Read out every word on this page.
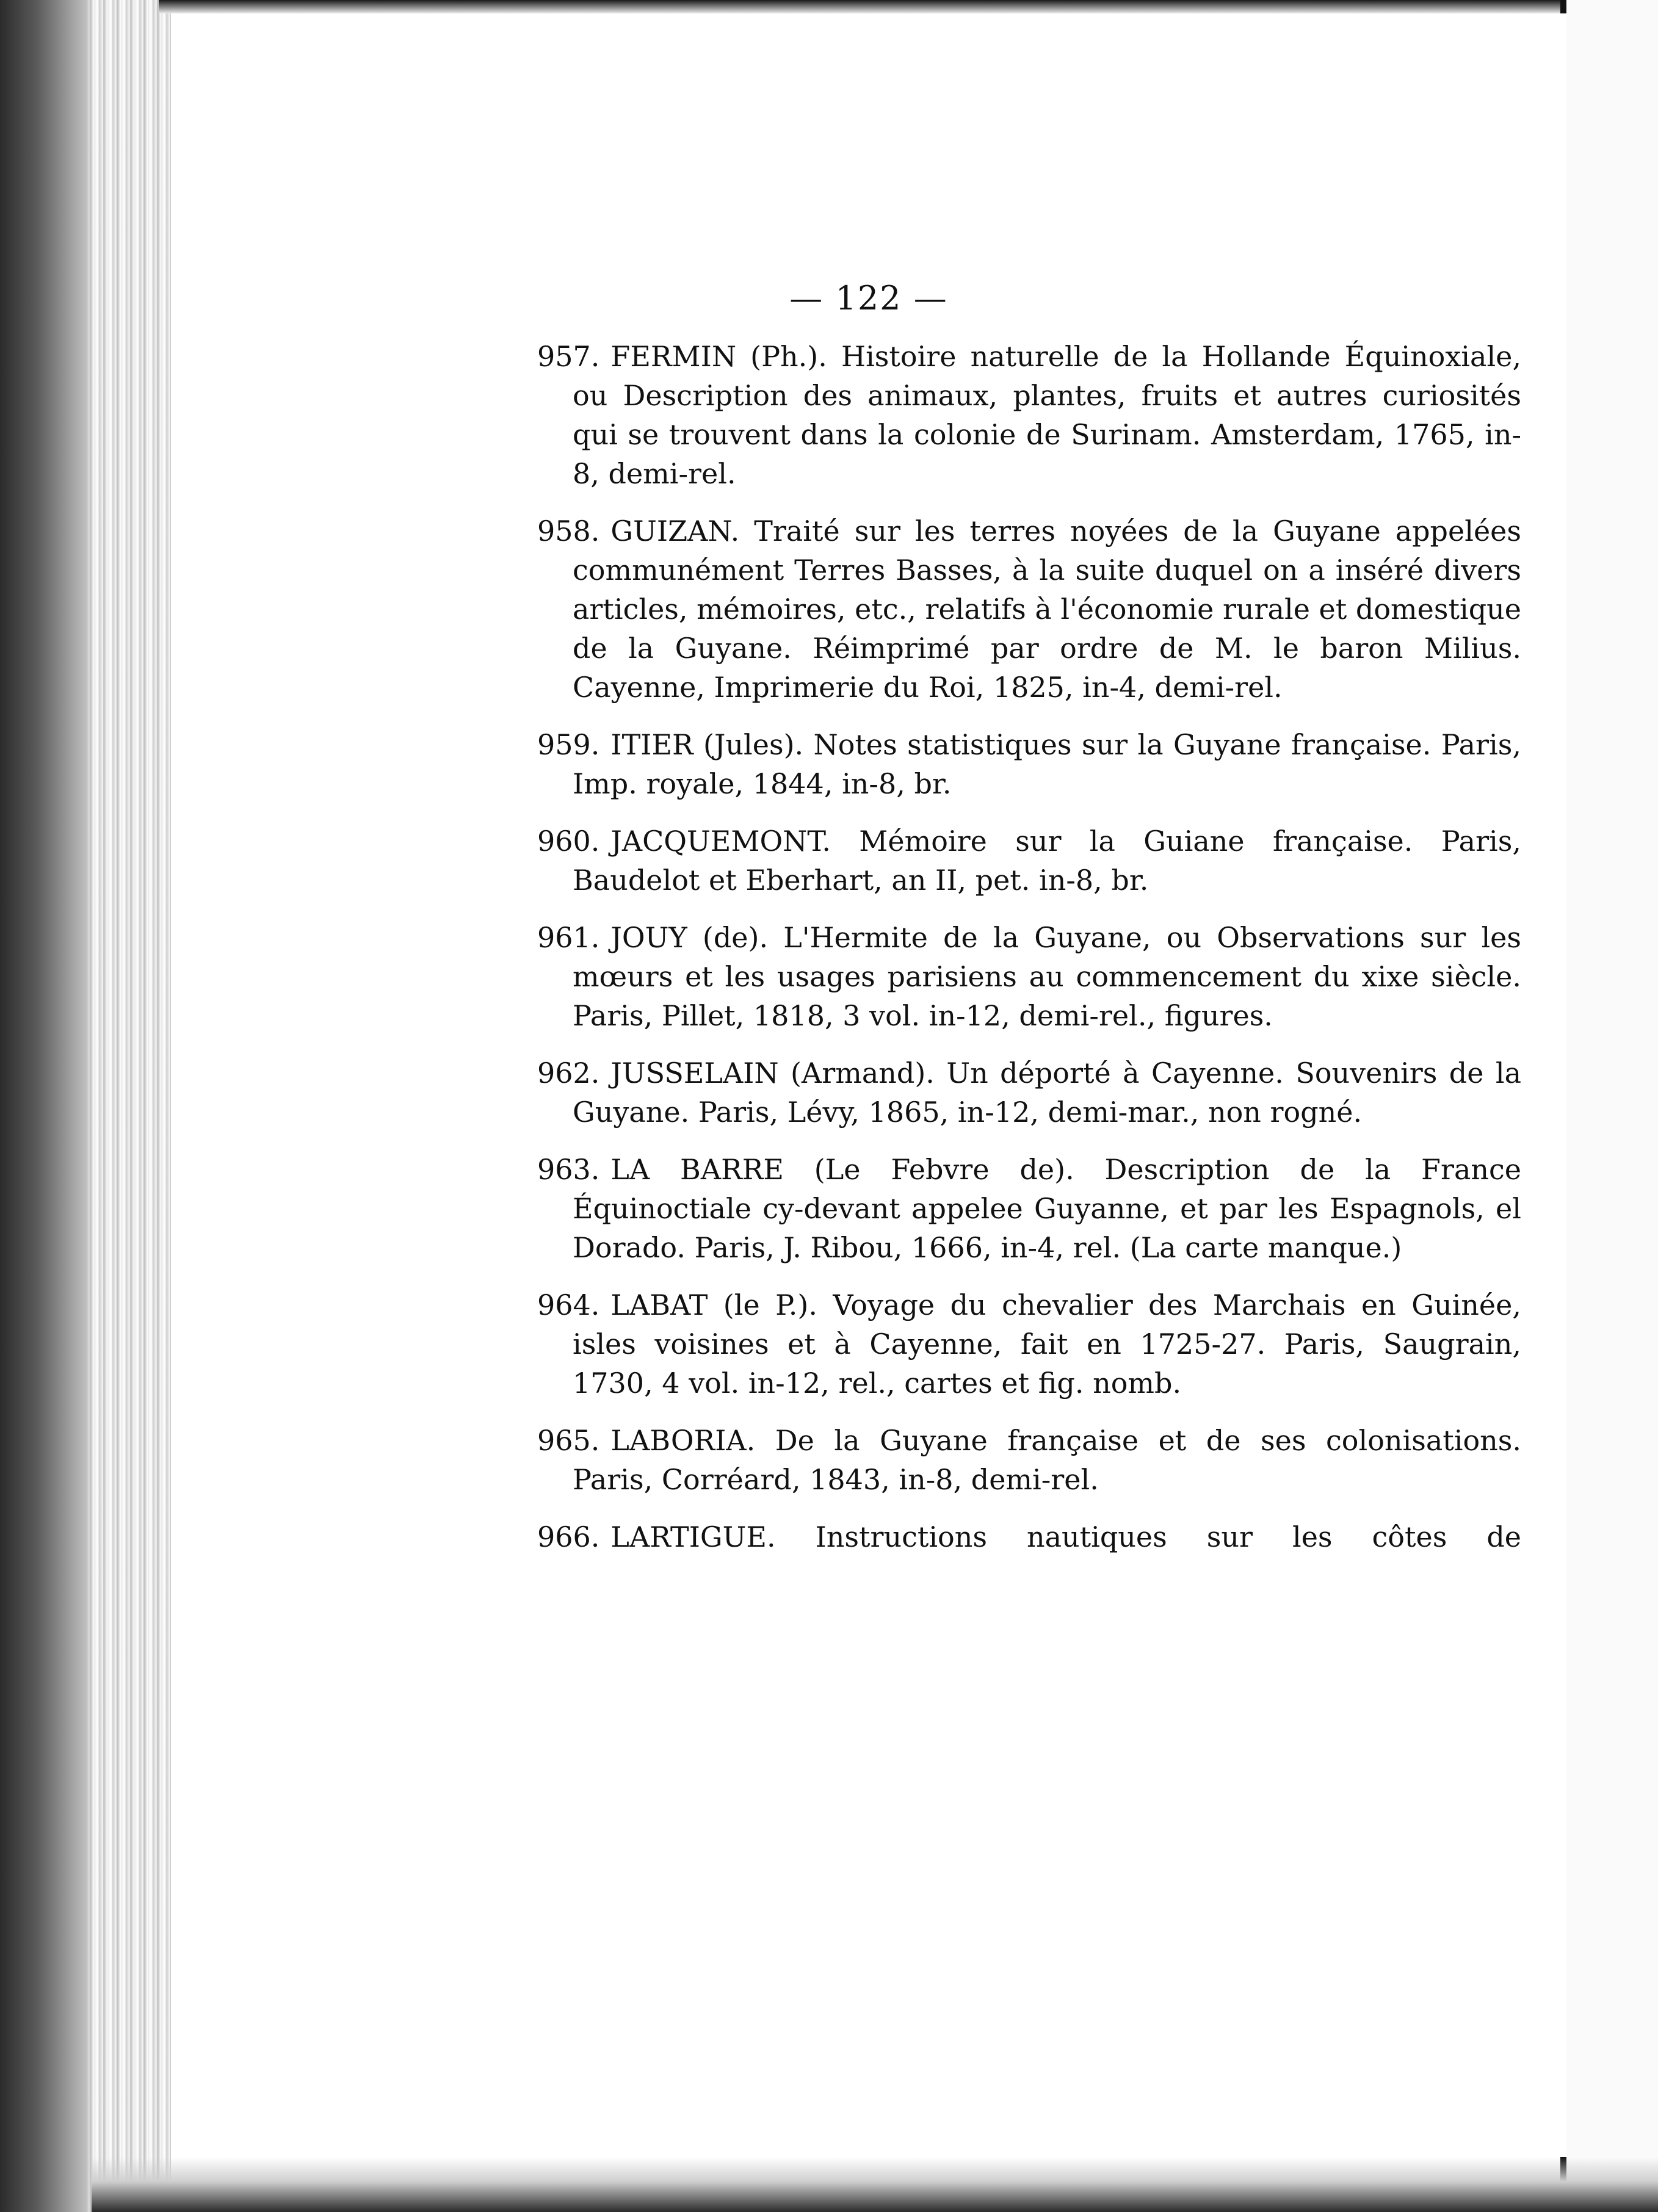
— 122 —

957. FERMIN (Ph.). Histoire naturelle de la Hollande Équinoxiale, ou Description des animaux, plantes, fruits et autres curiosités qui se trouvent dans la colonie de Surinam. Amsterdam, 1765, in-8, demi-rel.

958. GUIZAN. Traité sur les terres noyées de la Guyane appelées communément Terres Basses, à la suite duquel on a inséré divers articles, mémoires, etc., relatifs à l'économie rurale et domestique de la Guyane. Réimprimé par ordre de M. le baron Milius. Cayenne, Imprimerie du Roi, 1825, in-4, demi-rel.

959. ITIER (Jules). Notes statistiques sur la Guyane française. Paris, Imp. royale, 1844, in-8, br.

960. JACQUEMONT. Mémoire sur la Guiane française. Paris, Baudelot et Eberhart, an II, pet. in-8, br.

961. JOUY (de). L'Hermite de la Guyane, ou Observations sur les mœurs et les usages parisiens au commencement du xixe siècle. Paris, Pillet, 1818, 3 vol. in-12, demi-rel., figures.

962. JUSSELAIN (Armand). Un déporté à Cayenne. Souvenirs de la Guyane. Paris, Lévy, 1865, in-12, demi-mar., non rogné.

963. LA BARRE (Le Febvre de). Description de la France Équinoctiale cy-devant appelee Guyanne, et par les Espagnols, el Dorado. Paris, J. Ribou, 1666, in-4, rel. (La carte manque.)

964. LABAT (le P.). Voyage du chevalier des Marchais en Guinée, isles voisines et à Cayenne, fait en 1725-27. Paris, Saugrain, 1730, 4 vol. in-12, rel., cartes et fig. nomb.

965. LABORIA. De la Guyane française et de ses colonisations. Paris, Corréard, 1843, in-8, demi-rel.

966. LARTIGUE. Instructions nautiques sur les côtes de
